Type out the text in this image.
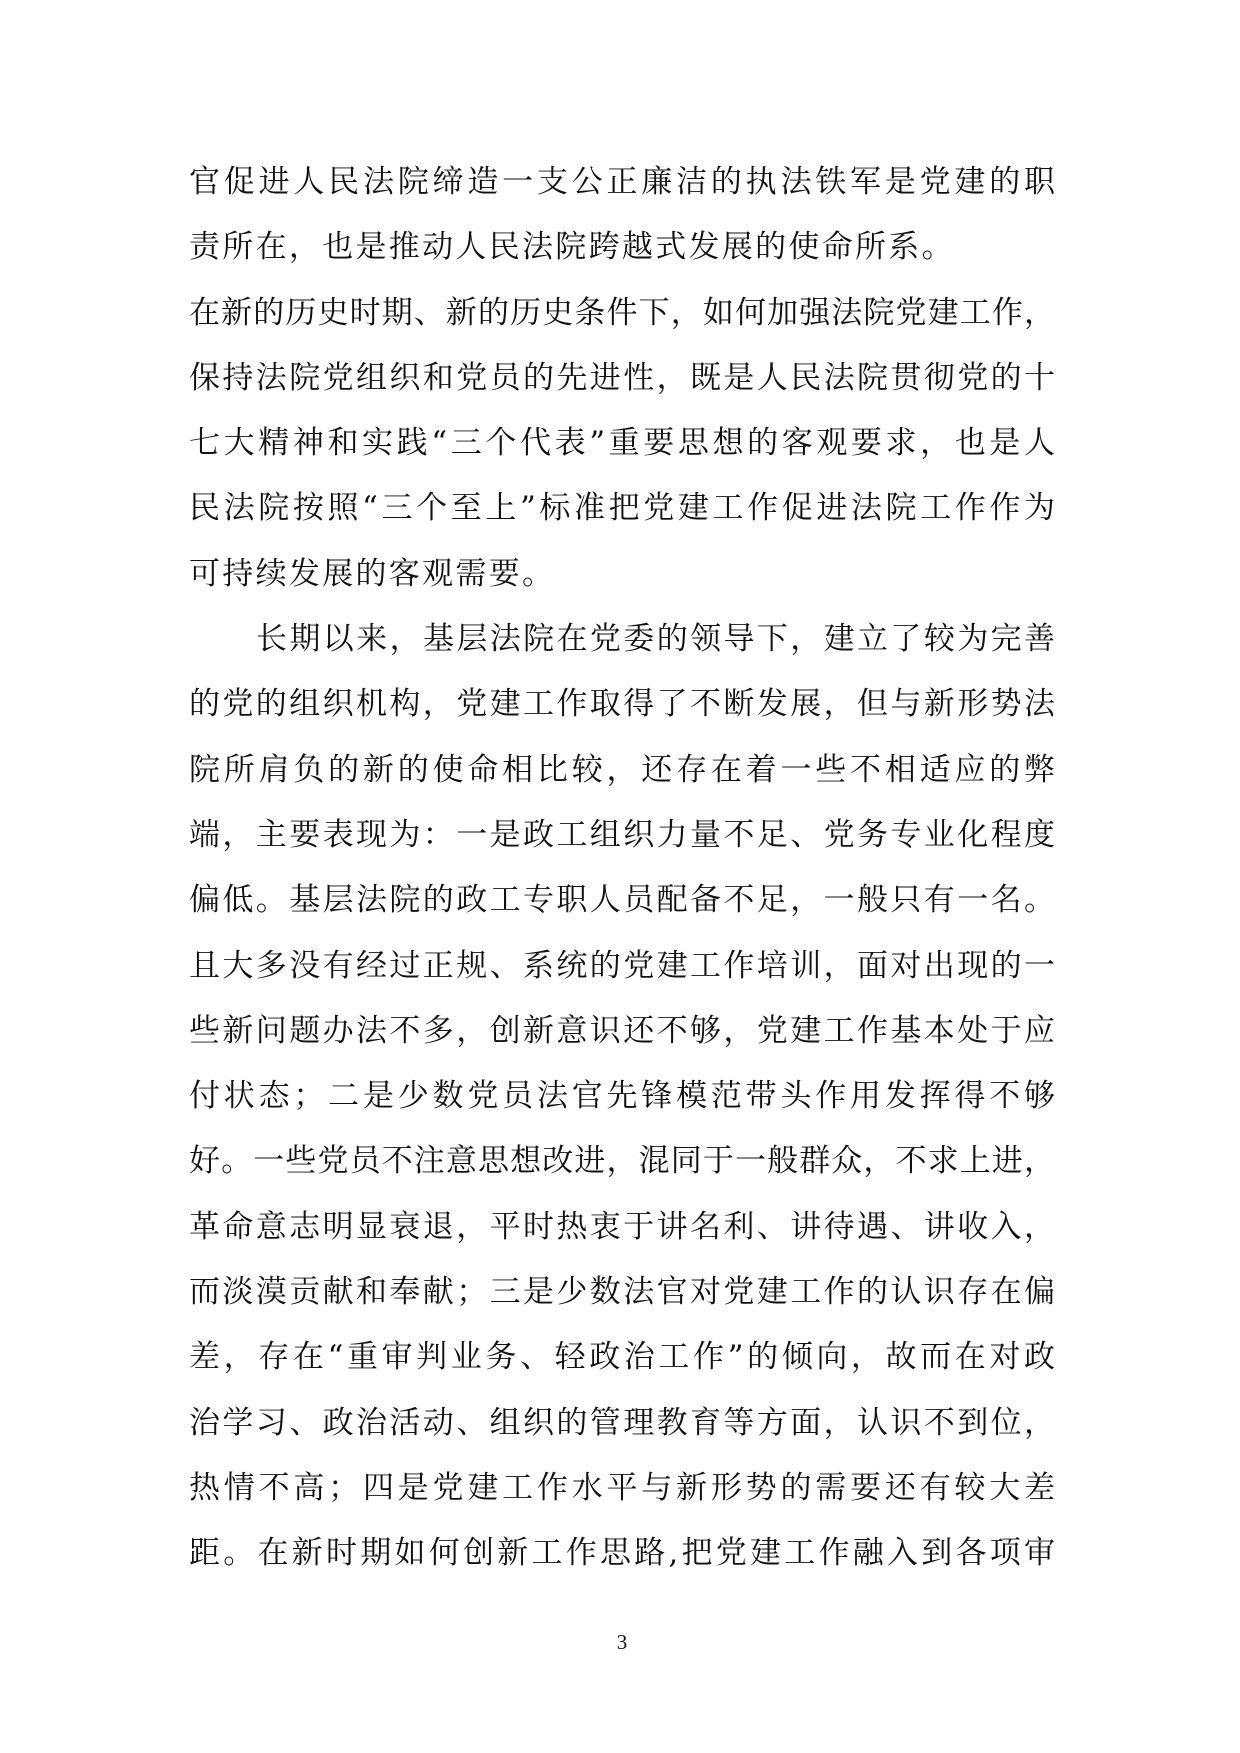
官促进人民法院缔造一支公正廉洁的执法铁军是党建的职
责所在，也是推动人民法院跨越式发展的使命所系。
在新的历史时期、新的历史条件下，如何加强法院党建工作，
保持法院党组织和党员的先进性，既是人民法院贯彻党的十
七大精神和实践“三个代表”重要思想的客观要求，也是人
民法院按照“三个至上”标准把党建工作促进法院工作作为
可持续发展的客观需要。
长期以来，基层法院在党委的领导下，建立了较为完善
的党的组织机构，党建工作取得了不断发展，但与新形势法
院所肩负的新的使命相比较，还存在着一些不相适应的弊
端，主要表现为：一是政工组织力量不足、党务专业化程度
偏低。基层法院的政工专职人员配备不足，一般只有一名。
且大多没有经过正规、系统的党建工作培训，面对出现的一
些新问题办法不多，创新意识还不够，党建工作基本处于应
付状态；二是少数党员法官先锋模范带头作用发挥得不够
好。一些党员不注意思想改进，混同于一般群众，不求上进，
革命意志明显衰退，平时热衷于讲名利、讲待遇、讲收入，
而淡漠贡献和奉献；三是少数法官对党建工作的认识存在偏
差，存在“重审判业务、轻政治工作”的倾向，故而在对政
治学习、政治活动、组织的管理教育等方面，认识不到位，
热情不高；四是党建工作水平与新形势的需要还有较大差
距。在新时期如何创新工作思路,把党建工作融入到各项审
3
